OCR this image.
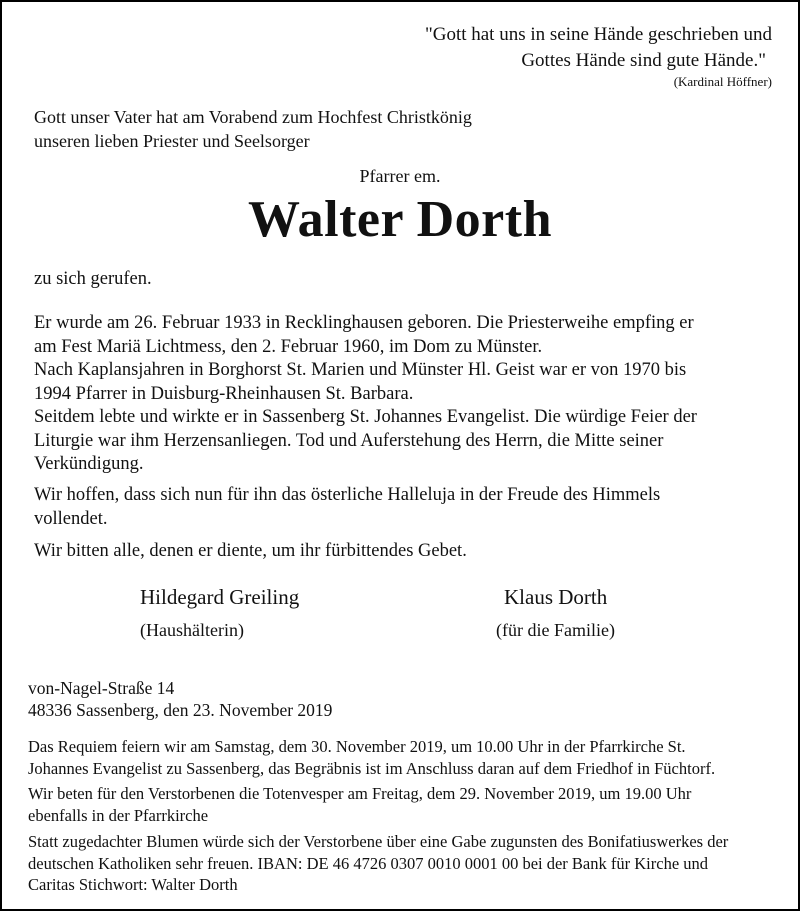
"Gott hat uns in seine Hände geschrieben und
Gottes Hände sind gute Hände."
(Kardinal Höffner)
Gott unser Vater hat am Vorabend zum Hochfest Christkönig
unseren lieben Priester und Seelsorger
Pfarrer em.
Walter Dorth
zu sich gerufen.
Er wurde am 26. Februar 1933 in Recklinghausen geboren. Die Priesterweihe empfing er
am Fest Mariä Lichtmess, den 2. Februar 1960, im Dom zu Münster.
Nach Kaplansjahren in Borghorst St. Marien und Münster Hl. Geist war er von 1970 bis
1994 Pfarrer in Duisburg-Rheinhausen St. Barbara.
Seitdem lebte und wirkte er in Sassenberg St. Johannes Evangelist. Die würdige Feier der
Liturgie war ihm Herzensanliegen. Tod und Auferstehung des Herrn, die Mitte seiner
Verkündigung.
Wir hoffen, dass sich nun für ihn das österliche Halleluja in der Freude des Himmels
vollendet.
Wir bitten alle, denen er diente, um ihr fürbittendes Gebet.
Hildegard Greiling
(Haushälterin)
Klaus Dorth
(für die Familie)
von-Nagel-Straße 14
48336 Sassenberg, den 23. November 2019
Das Requiem feiern wir am Samstag, dem 30. November 2019, um 10.00 Uhr in der Pfarrkirche St.
Johannes Evangelist zu Sassenberg, das Begräbnis ist im Anschluss daran auf dem Friedhof in Füchtorf.
Wir beten für den Verstorbenen die Totenvesper am Freitag, dem 29. November 2019, um 19.00 Uhr
ebenfalls in der Pfarrkirche
Statt zugedachter Blumen würde sich der Verstorbene über eine Gabe zugunsten des Bonifatiuswerkes der
deutschen Katholiken sehr freuen. IBAN: DE 46 4726 0307 0010 0001 00 bei der Bank für Kirche und
Caritas Stichwort: Walter Dorth
